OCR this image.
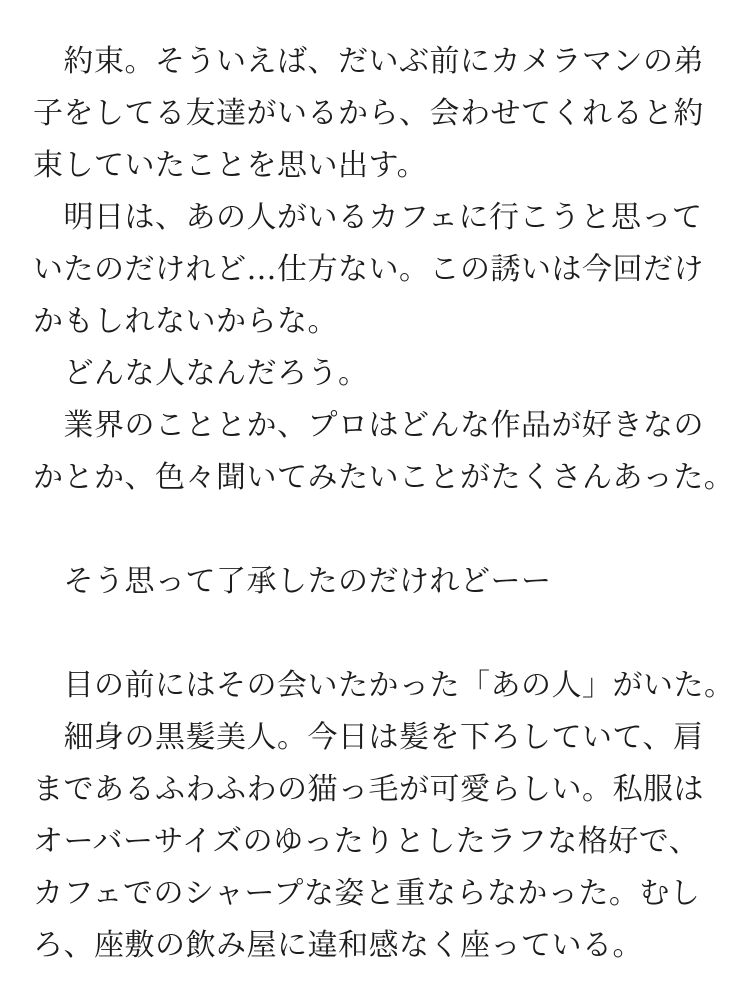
　約束。そういえば、だいぶ前にカメラマンの弟
子をしてる友達がいるから、会わせてくれると約
束していたことを思い出す。
　明日は、あの人がいるカフェに行こうと思って
いたのだけれど…仕方ない。この誘いは今回だけ
かもしれないからな。
　どんな人なんだろう。
　業界のこととか、プロはどんな作品が好きなの
かとか、色々聞いてみたいことがたくさんあった。
　そう思って了承したのだけれどーー
　目の前にはその会いたかった「あの人」がいた。
　細身の黒髪美人。今日は髪を下ろしていて、肩
まであるふわふわの猫っ毛が可愛らしい。私服は
オーバーサイズのゆったりとしたラフな格好で、
カフェでのシャープな姿と重ならなかった。むし
ろ、座敷の飲み屋に違和感なく座っている。
